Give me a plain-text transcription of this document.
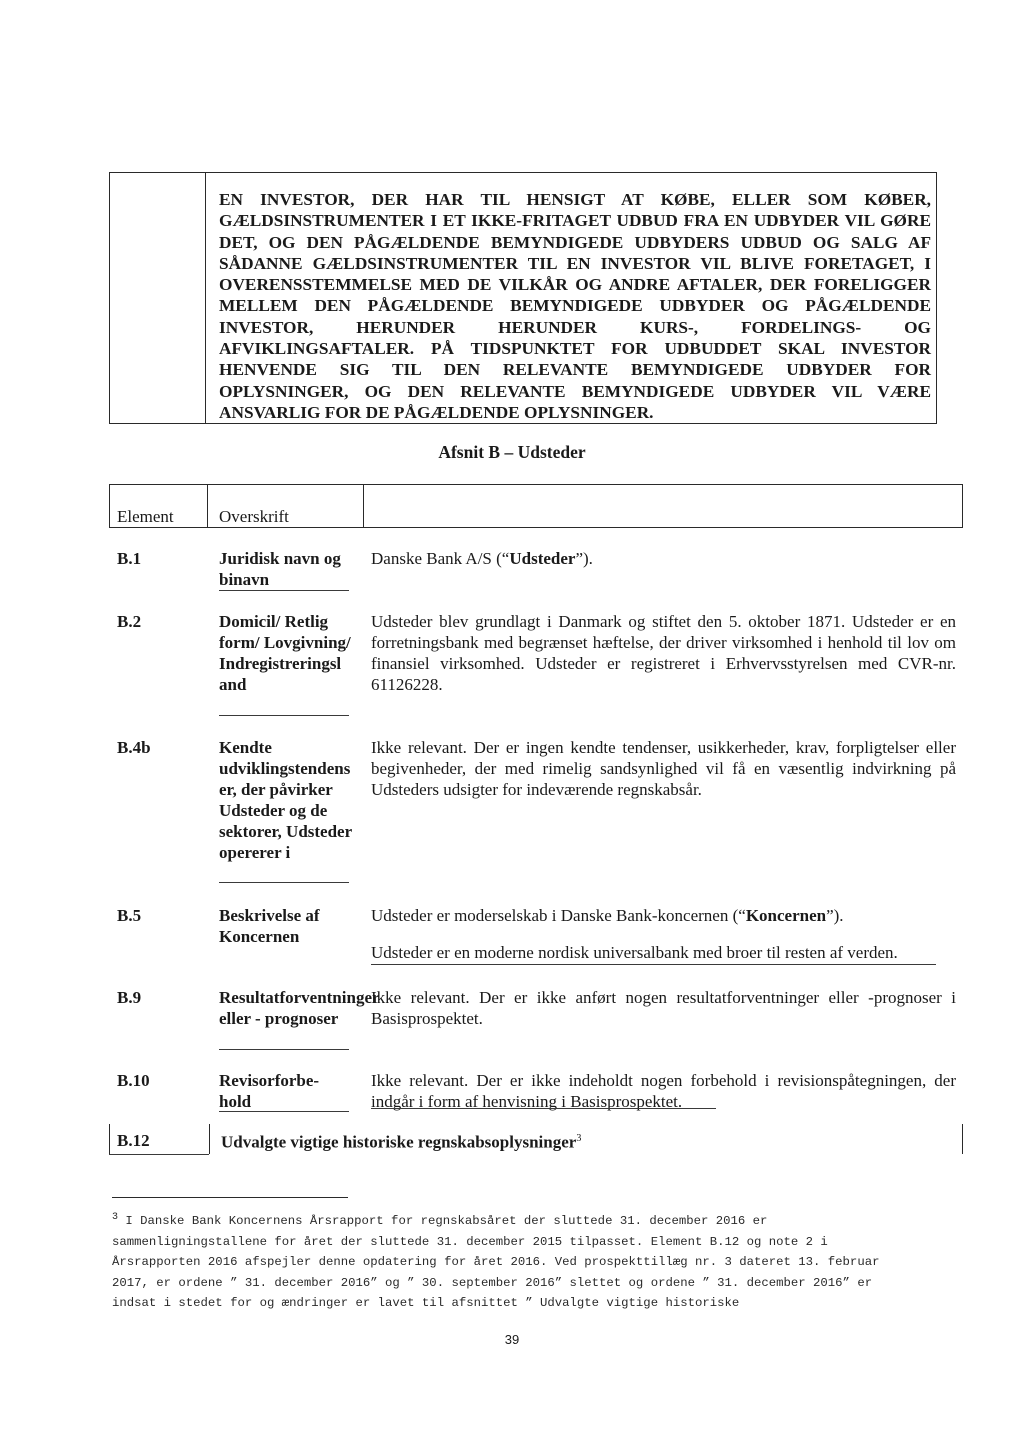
EN INVESTOR, DER HAR TIL HENSIGT AT KØBE, ELLER SOM KØBER, GÆLDSINSTRUMENTER I ET IKKE-FRITAGET UDBUD FRA EN UDBYDER VIL GØRE DET, OG DEN PÅGÆLDENDE BEMYNDIGEDE UDBYDERS UDBUD OG SALG AF SÅDANNE GÆLDSINSTRUMENTER TIL EN INVESTOR VIL BLIVE FORETAGET, I OVERENSSTEMMELSE MED DE VILKÅR OG ANDRE AFTALER, DER FORELIGGER MELLEM DEN PÅGÆLDENDE BEMYNDIGEDE UDBYDER OG PÅGÆLDENDE INVESTOR, HERUNDER HERUNDER KURS-, FORDELINGS- OG AFVIKLINGSAFTALER. PÅ TIDSPUNKTET FOR UDBUDDET SKAL INVESTOR HENVENDE SIG TIL DEN RELEVANTE BEMYNDIGEDE UDBYDER FOR OPLYSNINGER, OG DEN RELEVANTE BEMYNDIGEDE UDBYDER VIL VÆRE ANSVARLIG FOR DE PÅGÆLDENDE OPLYSNINGER.
Afsnit B – Udsteder
Element	Overskrift
B.1	Juridisk navn og binavn
Danske Bank A/S (“Udsteder”).
B.2	Domicil/ Retlig form/ Lovgivning/ Indregistreringsl and
Udsteder blev grundlagt i Danmark og stiftet den 5. oktober 1871. Udsteder er en forretningsbank med begrænset hæftelse, der driver virksomhed i henhold til lov om finansiel virksomhed. Udsteder er registreret i Erhvervsstyrelsen med CVR-nr. 61126228.
B.4b	Kendte udviklingstendenser, der påvirker Udsteder og de sektorer, Udsteder opererer i
Ikke relevant. Der er ingen kendte tendenser, usikkerheder, krav, forpligtelser eller begivenheder, der med rimelig sandsynlighed vil få en væsentlig indvirkning på Udsteders udsigter for indeværende regnskabsår.
B.5	Beskrivelse af Koncernen
Udsteder er moderselskab i Danske Bank-koncernen (“Koncernen”).
Udsteder er en moderne nordisk universalbank med broer til resten af verden.
B.9	Resultatforventninger eller - prognoser
Ikke relevant. Der er ikke anført nogen resultatforventninger eller -prognoser i Basisprospektet.
B.10	Revisorforbe-hold
Ikke relevant. Der er ikke indeholdt nogen forbehold i revisionspåtegningen, der indgår i form af henvisning i Basisprospektet.
B.12	Udvalgte vigtige historiske regnskabsoplysninger$^3$
$^3$ I Danske Bank Koncernens Årsrapport for regnskabsåret der sluttede 31. december 2016 er sammenligningstallene for året der sluttede 31. december 2015 tilpasset. Element B.12 og note 2 i Årsrapporten 2016 afspejler denne opdatering for året 2016. Ved prospekttillæg nr. 3 dateret 13. februar 2017, er ordene ” 31. december 2016” og ” 30. september 2016” slettet og ordene ” 31. december 2016” er indsat i stedet for og ændringer er lavet til afsnittet ” Udvalgte vigtige historiske
39
